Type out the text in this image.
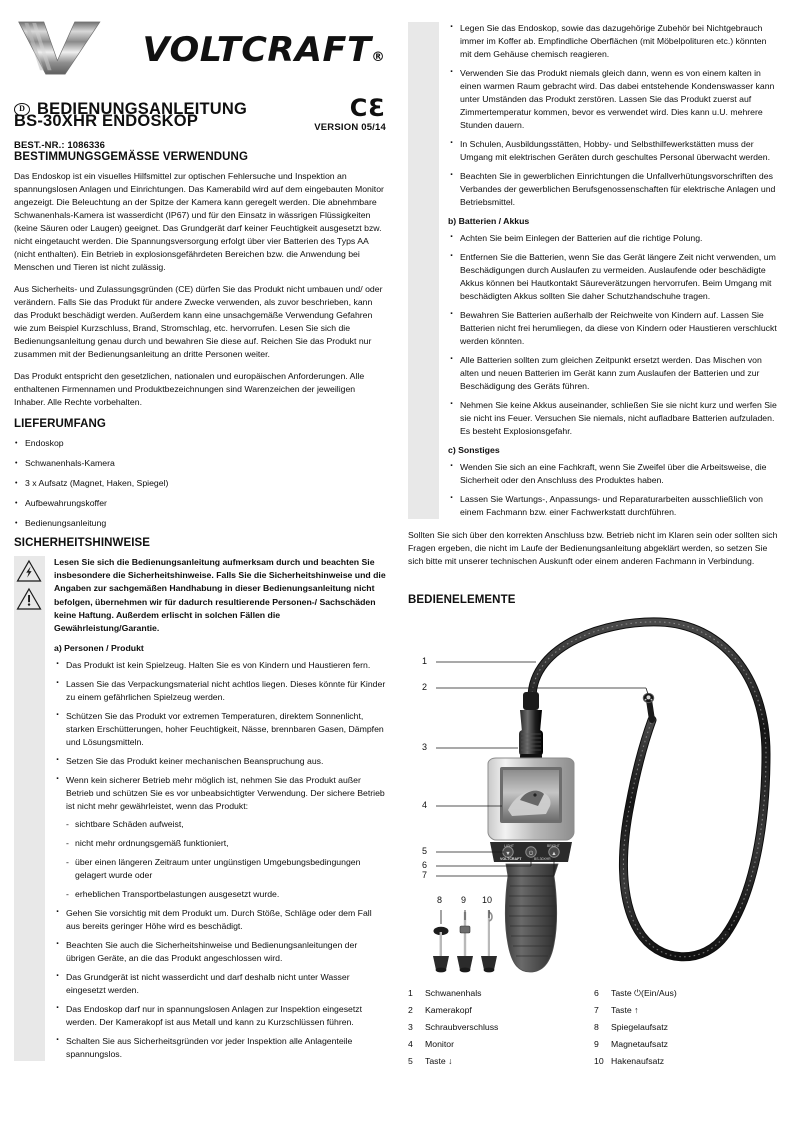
VOLTCRAFT®
D BEDIENUNGSANLEITUNG	CƐ
VERSION 05/14
BS-30XHR ENDOSKOP
BEST.-NR.: 1086336
BESTIMMUNGSGEMÄSSE VERWENDUNG

Das Endoskop ist ein visuelles Hilfsmittel zur optischen Fehlersuche und Inspektion an spannungslosen Anlagen und Einrichtungen. Das Kamerabild wird auf dem eingebauten Monitor angezeigt. Die Beleuchtung an der Spitze der Kamera kann geregelt werden. Die abnehmbare Schwanenhals-Kamera ist wasserdicht (IP67) und für den Einsatz in wässrigen Flüssigkeiten (keine Säuren oder Laugen) geeignet. Das Grundgerät darf keiner Feuchtigkeit ausgesetzt bzw. nicht eingetaucht werden. Die Spannungsversorgung erfolgt über vier Batterien des Typs AA (nicht enthalten). Ein Betrieb in explosionsgefährdeten Bereichen bzw. die Anwendung bei Menschen und Tieren ist nicht zulässig.

Aus Sicherheits- und Zulassungsgründen (CE) dürfen Sie das Produkt nicht umbauen und/ oder verändern. Falls Sie das Produkt für andere Zwecke verwenden, als zuvor beschrieben, kann das Produkt beschädigt werden. Außerdem kann eine unsachgemäße Verwendung Gefahren wie zum Beispiel Kurzschluss, Brand, Stromschlag, etc. hervorrufen. Lesen Sie sich die Bedienungsanleitung genau durch und bewahren Sie diese auf. Reichen Sie das Produkt nur zusammen mit der Bedienungsanleitung an dritte Personen weiter.

Das Produkt entspricht den gesetzlichen, nationalen und europäischen Anforderungen. Alle enthaltenen Firmennamen und Produktbezeichnungen sind Warenzeichen der jeweiligen Inhaber. Alle Rechte vorbehalten.

LIEFERUMFANG
• Endoskop
• Schwanenhals-Kamera
• 3 x Aufsatz (Magnet, Haken, Spiegel)
• Aufbewahrungskoffer
• Bedienungsanleitung
SICHERHEITSHINWEISE

Lesen Sie sich die Bedienungsanleitung aufmerksam durch und beachten Sie insbesondere die Sicherheitshinweise. Falls Sie die Sicherheitshinweise und die Angaben zur sachgemäßen Handhabung in dieser Bedienungsanleitung nicht befolgen, übernehmen wir für dadurch resultierende Personen-/ Sachschäden keine Haftung. Außerdem erlischt in solchen Fällen die Gewährleistung/Garantie.

a) Personen / Produkt
· Das Produkt ist kein Spielzeug. Halten Sie es von Kindern und Haustieren fern.
· Lassen Sie das Verpackungsmaterial nicht achtlos liegen. Dieses könnte für Kinder zu einem gefährlichen Spielzeug werden.
· Schützen Sie das Produkt vor extremen Temperaturen, direktem Sonnenlicht, starken Erschütterungen, hoher Feuchtigkeit, Nässe, brennbaren Gasen, Dämpfen und Lösungsmitteln.
· Setzen Sie das Produkt keiner mechanischen Beanspruchung aus.
· Wenn kein sicherer Betrieb mehr möglich ist, nehmen Sie das Produkt außer Betrieb und schützen Sie es vor unbeabsichtigter Verwendung. Der sichere Betrieb ist nicht mehr gewährleistet, wenn das Produkt:
- sichtbare Schäden aufweist,
- nicht mehr ordnungsgemäß funktioniert,
- über einen längeren Zeitraum unter ungünstigen Umgebungsbedingungen gelagert wurde oder
- erheblichen Transportbelastungen ausgesetzt wurde.
· Gehen Sie vorsichtig mit dem Produkt um. Durch Stöße, Schläge oder dem Fall aus bereits geringer Höhe wird es beschädigt.
· Beachten Sie auch die Sicherheitshinweise und Bedienungsanleitungen der übrigen Geräte, an die das Produkt angeschlossen wird.
· Das Grundgerät ist nicht wasserdicht und darf deshalb nicht unter Wasser eingesetzt werden.
· Das Endoskop darf nur in spannungslosen Anlagen zur Inspektion eingesetzt werden. Der Kamerakopf ist aus Metall und kann zu Kurzschlüssen führen.
· Schalten Sie aus Sicherheitsgründen vor jeder Inspektion alle Anlagenteile spannungslos.
· Legen Sie das Endoskop, sowie das dazugehörige Zubehör bei Nichtgebrauch immer im Koffer ab. Empfindliche Oberflächen (mit Möbelpolituren etc.) könnten mit dem Gehäuse chemisch reagieren.
· Verwenden Sie das Produkt niemals gleich dann, wenn es von einem kalten in einen warmen Raum gebracht wird. Das dabei entstehende Kondenswasser kann unter Umständen das Produkt zerstören. Lassen Sie das Produkt zuerst auf Zimmertemperatur kommen, bevor es verwendet wird. Dies kann u.U. mehrere Stunden dauern.
· In Schulen, Ausbildungsstätten, Hobby- und Selbsthilfewerkstätten muss der Umgang mit elektrischen Geräten durch geschultes Personal überwacht werden.
· Beachten Sie in gewerblichen Einrichtungen die Unfallverhütungsvorschriften des Verbandes der gewerblichen Berufsgenossenschaften für elektrische Anlagen und Betriebsmittel.
b) Batterien / Akkus
· Achten Sie beim Einlegen der Batterien auf die richtige Polung.
· Entfernen Sie die Batterien, wenn Sie das Gerät längere Zeit nicht verwenden, um Beschädigungen durch Auslaufen zu vermeiden. Auslaufende oder beschädigte Akkus können bei Hautkontakt Säureverätzungen hervorrufen. Beim Umgang mit beschädigten Akkus sollten Sie daher Schutzhandschuhe tragen.
· Bewahren Sie Batterien außerhalb der Reichweite von Kindern auf. Lassen Sie Batterien nicht frei herumliegen, da diese von Kindern oder Haustieren verschluckt werden könnten.
· Alle Batterien sollten zum gleichen Zeitpunkt ersetzt werden. Das Mischen von alten und neuen Batterien im Gerät kann zum Auslaufen der Batterien und zur Beschädigung des Geräts führen.
· Nehmen Sie keine Akkus auseinander, schließen Sie sie nicht kurz und werfen Sie sie nicht ins Feuer. Versuchen Sie niemals, nicht aufladbare Batterien aufzuladen. Es besteht Explosionsgefahr.
c) Sonstiges
· Wenden Sie sich an eine Fachkraft, wenn Sie Zweifel über die Arbeitsweise, die Sicherheit oder den Anschluss des Produktes haben.
· Lassen Sie Wartungs-, Anpassungs- und Reparaturarbeiten ausschließlich von einem Fachmann bzw. einer Fachwerkstatt durchführen.

Sollten Sie sich über den korrekten Anschluss bzw. Betrieb nicht im Klaren sein oder sollten sich Fragen ergeben, die nicht im Laufe der Bedienungsanleitung abgeklärt werden, so setzen Sie sich bitte mit unserer technischen Auskunft oder einem anderen Fachmann in Verbindung.

BEDIENELEMENTE
▼	⏻	▲
LIGHT	BRIGHT
VOLTCRAFT	BS-30XHR
1
2
3
4
5
6
7
8 9 10
1	Schwanenhals
2	Kamerakopf
3	Schraubverschluss
4	Monitor
5	Taste ↓
6	Taste ⏻(Ein/Aus)
7	Taste ↑
8	Spiegelaufsatz
9	Magnetaufsatz
10 Hakenaufsatz
